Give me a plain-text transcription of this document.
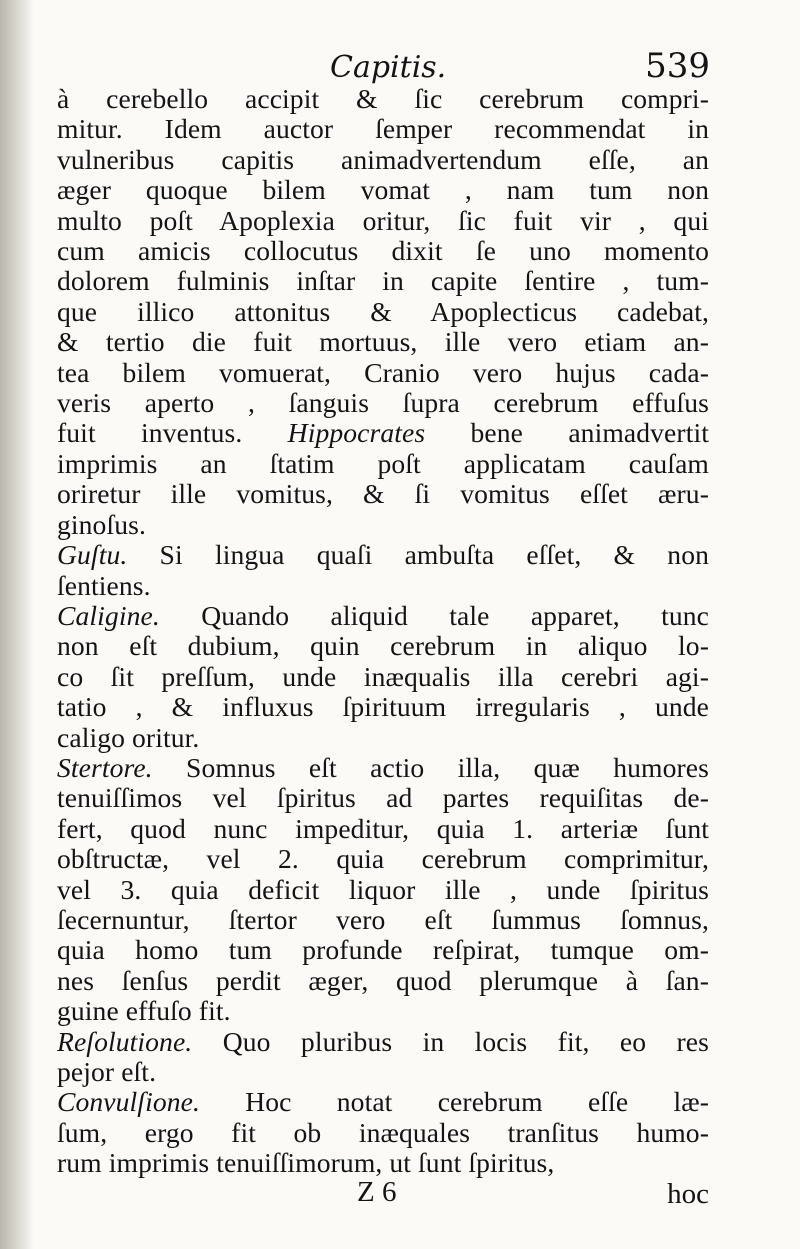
Capitis.	539
à cerebello accipit & ſic cerebrum compri-
mitur. Idem auctor ſemper recommendat in
vulneribus capitis animadvertendum eſſe, an
æger quoque bilem vomat , nam tum non
multo poſt Apoplexia oritur, ſic fuit vir , qui
cum amicis collocutus dixit ſe uno momento
dolorem fulminis inſtar in capite ſentire , tum-
que illico attonitus & Apoplecticus cadebat,
& tertio die fuit mortuus, ille vero etiam an-
tea bilem vomuerat, Cranio vero hujus cada-
veris aperto , ſanguis ſupra cerebrum effuſus
fuit inventus. Hippocrates bene animadvertit
imprimis an ſtatim poſt applicatam cauſam
oriretur ille vomitus, & ſi vomitus eſſet æru-
ginoſus.
Guſtu. Si lingua quaſi ambuſta eſſet, & non
ſentiens.
Caligine. Quando aliquid tale apparet, tunc
non eſt dubium, quin cerebrum in aliquo lo-
co ſit preſſum, unde inæqualis illa cerebri agi-
tatio , & influxus ſpirituum irregularis , unde
caligo oritur.
Stertore. Somnus eſt actio illa, quæ humores
tenuiſſimos vel ſpiritus ad partes requiſitas de-
fert, quod nunc impeditur, quia 1. arteriæ ſunt
obſtructæ, vel 2. quia cerebrum comprimitur,
vel 3. quia deficit liquor ille , unde ſpiritus
ſecernuntur, ſtertor vero eſt ſummus ſomnus,
quia homo tum profunde reſpirat, tumque om-
nes ſenſus perdit æger, quod plerumque à ſan-
guine effuſo fit.
Reſolutione. Quo pluribus in locis fit, eo res
pejor eſt.
Convulſione. Hoc notat cerebrum eſſe læ-
ſum, ergo fit ob inæquales tranſitus humo-
rum imprimis tenuiſſimorum, ut ſunt ſpiritus,
Z 6	hoc
